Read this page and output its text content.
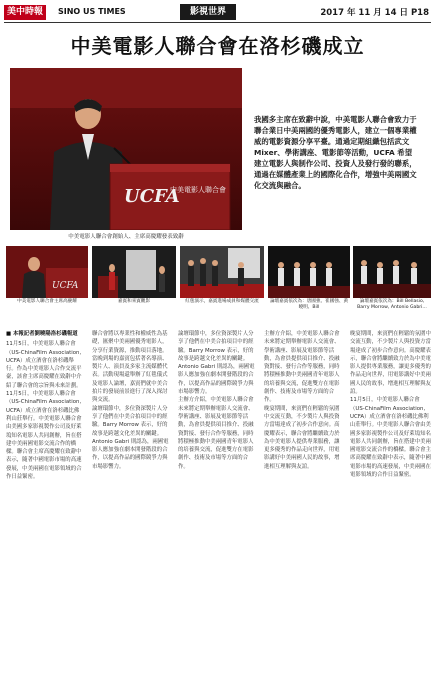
美中時報	SINO US TIMES	影視世界	2017 年 11 月 14 日 P18
中美電影人聯合會在洛杉磯成立
UCFA
中美電影人聯合會
中美電影人聯合會創始人、主席高慶耀發表致辭
我國多主席在致辭中說，中美電影人聯合會致力于聯合業日中美兩國的優秀電影人，建立一個專業權威的電影資源分享平臺。通過定期組織包括武文 Mixer、學術講座、電影節等活動，UCFA 希望建立電影人與制作公司、投資人及發行發的聯系，通過在媒體產業上的國際化合作，增強中美兩國文化交流與融合。
UCFA
中美電影人聯合會主席高慶耀	嘉賓和來賓觀影	紅毯演示，嘉賓進場成員和媒體交流	論壇嘉賓依次為：唐國強、崔國強、黃曉明、Bill
論壇嘉賓依次為：Bill Bellasio, Barry Morrow, Antonio Gabri...
■ 本報記者劉曉陽洛杉磯報道
11月5日，中美電影人聯合會（US-ChinaFilm Association, UCFA）成立酒會在洛杉磯舉行。作為中美電影人合作交流平臺，該會主席高慶耀在致辭中介紹了聯合會的宗旨與未來計劃。
11月5日，中美電影人聯合會（US-ChinaFilm Association, UCFA）成立酒會在洛杉磯比佛利山莊舉行。中美電影人聯合會由美國多家影視製作公司及好萊塢知名電影人共同創辦，旨在搭建中美兩國電影交流合作的橋樑。聯合會主席高慶耀在致辭中表示，隨著中國電影市場的高速發展，中美兩國在電影領域的合作日益緊密。
聯合會將以專業性和權威性為基礎，匯聚中美兩國優秀電影人，分享行業資源，推動項目落地。當晚到場的嘉賓包括著名導演、製片人、演員及多家主流媒體代表。活動現場還舉辦了紅毯儀式及電影人論壇，嘉賓們就中美合拍片的發展前景進行了深入探討與交流。
論壇環節中，多位資深製片人分享了他們在中美合拍項目中的經驗。Barry Morrow 表示，好的故事是跨越文化差異的關鍵。Antonio Gabri 則認為，兩國電影人應加強在劇本開發階段的合作，以提高作品的國際競爭力與市場影響力。
論壇環節中，多位資深製片人分享了他們在中美合拍項目中的經驗。Barry Morrow 表示，好的故事是跨越文化差異的關鍵。Antonio Gabri 則認為，兩國電影人應加強在劇本開發階段的合作，以提高作品的國際競爭力與市場影響力。
主辦方介紹，中美電影人聯合會未來將定期舉辦電影人交流會、學術講座、影展及電影節等活動，為會員提供項目推介、投融資對接、發行合作等服務，同時將積極推動中美兩國青年電影人的培養與交流，促進雙方在電影創作、技術及市場等方面的合作。
主辦方介紹，中美電影人聯合會未來將定期舉辦電影人交流會、學術講座、影展及電影節等活動，為會員提供項目推介、投融資對接、發行合作等服務，同時將積極推動中美兩國青年電影人的培養與交流，促進雙方在電影創作、技術及市場等方面的合作。
晚宴期間，來賓們在輕鬆的氛圍中交流互動，不少製片人與投資方當場達成了初步合作意向。高慶耀表示，聯合會將繼續致力於為中美電影人提供專業服務，讓更多優秀的作品走向世界，用電影講好中美兩國人民的故事，增進相互理解與友誼。
晚宴期間，來賓們在輕鬆的氛圍中交流互動，不少製片人與投資方當場達成了初步合作意向。高慶耀表示，聯合會將繼續致力於為中美電影人提供專業服務，讓更多優秀的作品走向世界，用電影講好中美兩國人民的故事，增進相互理解與友誼。
11月5日，中美電影人聯合會（US-ChinaFilm Association, UCFA）成立酒會在洛杉磯比佛利山莊舉行。中美電影人聯合會由美國多家影視製作公司及好萊塢知名電影人共同創辦，旨在搭建中美兩國電影交流合作的橋樑。聯合會主席高慶耀在致辭中表示，隨著中國電影市場的高速發展，中美兩國在電影領域的合作日益緊密。
